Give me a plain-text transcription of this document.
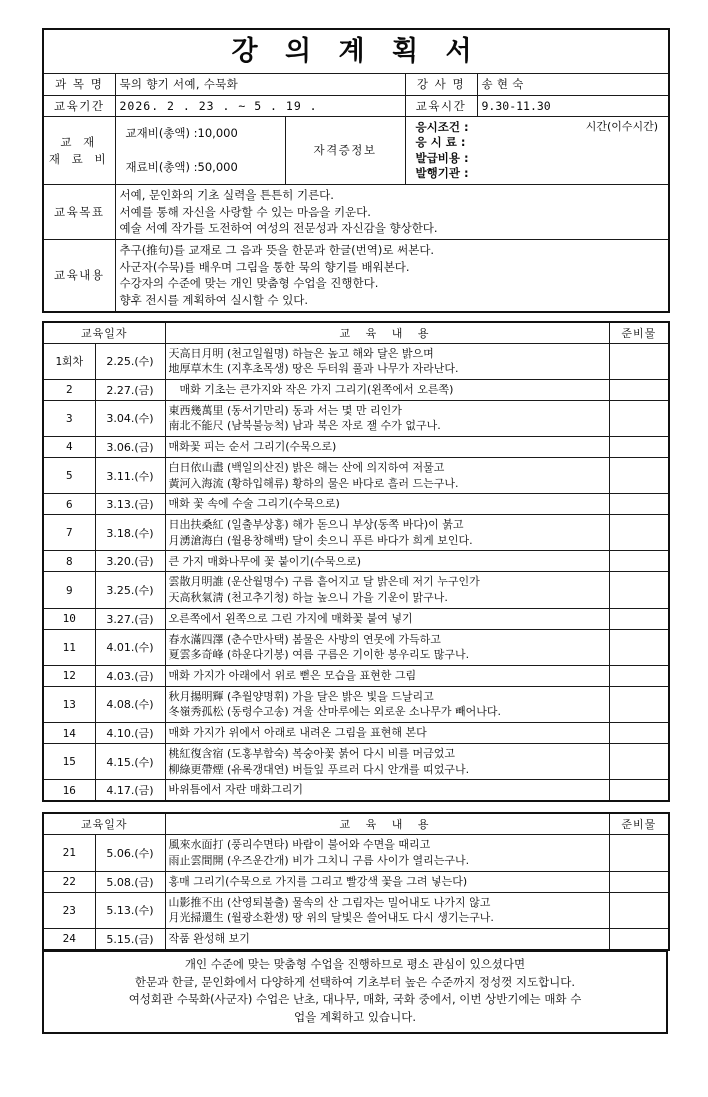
강 의 계 획 서				
과 목 명	묵의 향기 서예, 수묵화		강 사 명	송 현 숙
교육기간	2026. 2 . 23 . ~ 5 . 19 .		교육시간	9.30-11.30

교 재
재 료 비

교재비(총액) :10,000
재료비(총액) :50,000
	자격증정보	
응시조건 :	시간(이수시간)
응 시 료 :
발급비용 :
발행기관 :

교육목표	서예, 문인화의 기초 실력을 튼튼히 기른다.
서예를 통해 자신을 사랑할 수 있는 마음을 키운다.
예술 서예 작가를 도전하여 여성의 전문성과 자신감을 향상한다.			

교육내용	추구(推句)를 교재로 그 음과 뜻을 한문과 한글(번역)로 써본다.
사군자(수묵)를 배우며 그림을 통한 묵의 향기를 배워본다.
수강자의 수준에 맞는 개인 맞춤형 수업을 진행한다.
향후 전시를 계획하여 실시할 수 있다.			
교육일자		교 육 내 용	준비물
1회차	2.25.(수)	天高日月明 (천고일월명) 하늘은 높고 해와 달은 밝으며
地厚草木生 (지후초목생) 땅은 두터워 풀과 나무가 자라난다.	

2	2.27.(금)	매화 기초는 큰가지와 작은 가지 그리기(왼쪽에서 오른쪽)	

3	3.04.(수)	東西幾萬里 (동서기만리) 동과 서는 몇 만 리인가
南北不能尺 (남북불능척) 남과 북은 자로 잴 수가 없구나.	

4	3.06.(금)	매화꽃 피는 순서 그리기(수묵으로)	

5	3.11.(수)	白日依山盡 (백일의산진) 밝은 해는 산에 의지하여 저물고
黃河入海流 (황하입해류) 황하의 물은 바다로 흘러 드는구나.	

6	3.13.(금)	매화 꽃 속에 수술 그리기(수묵으로)	

7	3.18.(수)	日出扶桑紅 (일출부상홍) 해가 돋으니 부상(동쪽 바다)이 붉고
月湧滄海白 (월용창해백) 달이 솟으니 푸른 바다가 희게 보인다.	

8	3.20.(금)	큰 가지 매화나무에 꽃 붙이기(수묵으로)	

9	3.25.(수)	雲散月明誰 (운산월명수) 구름 흩어지고 달 밝은데 저기 누구인가
天高秋氣淸 (천고추기청) 하늘 높으니 가을 기운이 맑구나.	

10	3.27.(금)	오른쪽에서 왼쪽으로 그린 가지에 매화꽃 붙여 넣기	

11	4.01.(수)	春水滿四澤 (춘수만사택) 봄물은 사방의 연못에 가득하고
夏雲多奇峰 (하운다기봉) 여름 구름은 기이한 봉우리도 많구나.	

12	4.03.(금)	매화 가지가 아래에서 위로 뻗은 모습을 표현한 그림	

13	4.08.(수)	秋月揚明輝 (추월양명휘) 가을 달은 밝은 빛을 드날리고
冬嶺秀孤松 (동령수고송) 겨울 산마루에는 외로운 소나무가 빼어나다.	

14	4.10.(금)	매화 가지가 위에서 아래로 내려온 그림을 표현해 본다	

15	4.15.(수)	桃紅復含宿 (도홍부함숙) 복숭아꽃 붉어 다시 비를 머금었고
柳綠更帶煙 (유록갱대연) 버들잎 푸르러 다시 안개를 띠었구나.	

16	4.17.(금)	바위틈에서 자란 매화그리기	

교육일자		교 육 내 용	준비물
21	5.06.(수)	風來水面打 (풍리수면타) 바람이 불어와 수면을 때리고
雨止雲間開 (우즈운간개) 비가 그치니 구름 사이가 열리는구나.	

22	5.08.(금)	홍매 그리기(수묵으로 가지를 그리고 빨강색 꽃을 그려 넣는다)	

23	5.13.(수)	山影推不出 (산영퇴불출) 물속의 산 그림자는 밀어내도 나가지 않고
月光掃還生 (월광소환생) 땅 위의 달빛은 쓸어내도 다시 생기는구나.	

24	5.15.(금)	작품 완성해 보기	

개인 수준에 맞는 맞춤형 수업을 진행하므로 평소 관심이 있으셨다면
한문과 한글, 문인화에서 다양하게 선택하여 기초부터 높은 수준까지 정성껏 지도합니다.
여성회관 수묵화(사군자) 수업은 난초, 대나무, 매화, 국화 중에서, 이번 상반기에는 매화 수
업을 계획하고 있습니다.
